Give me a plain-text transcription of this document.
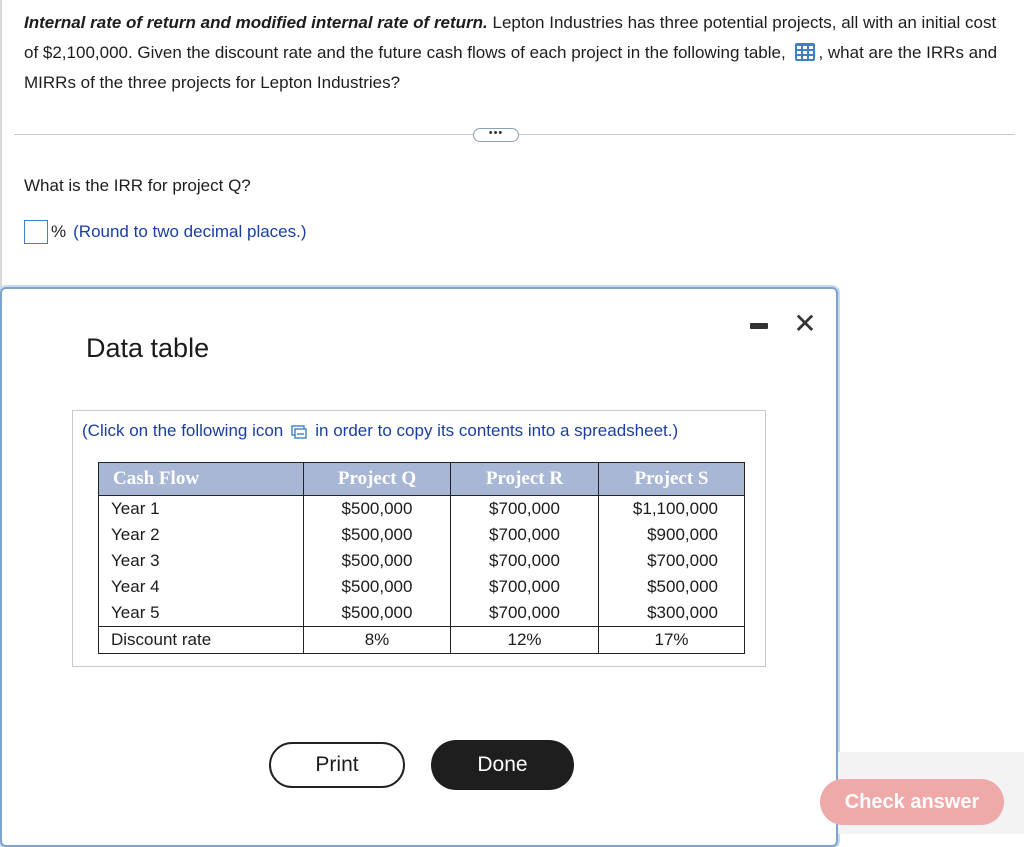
Internal rate of return and modified internal rate of return. Lepton Industries has three potential projects, all with an initial cost of $2,100,000. Given the discount rate and the future cash flows of each project in the following table, , what are the IRRs and MIRRs of the three projects for Lepton Industries?
•••
What is the IRR for project Q?
% (Round to two decimal places.)
Data table
✕
(Click on the following icon in order to copy its contents into a spreadsheet.)
Cash Flow	Project Q	Project R	Project S
Year 1	$500,000	$700,000	$1,100,000
Year 2	$500,000	$700,000	$900,000
Year 3	$500,000	$700,000	$700,000
Year 4	$500,000	$700,000	$500,000
Year 5	$500,000	$700,000	$300,000
Discount rate	8%	12%	17%
Print	Done
Check answer
